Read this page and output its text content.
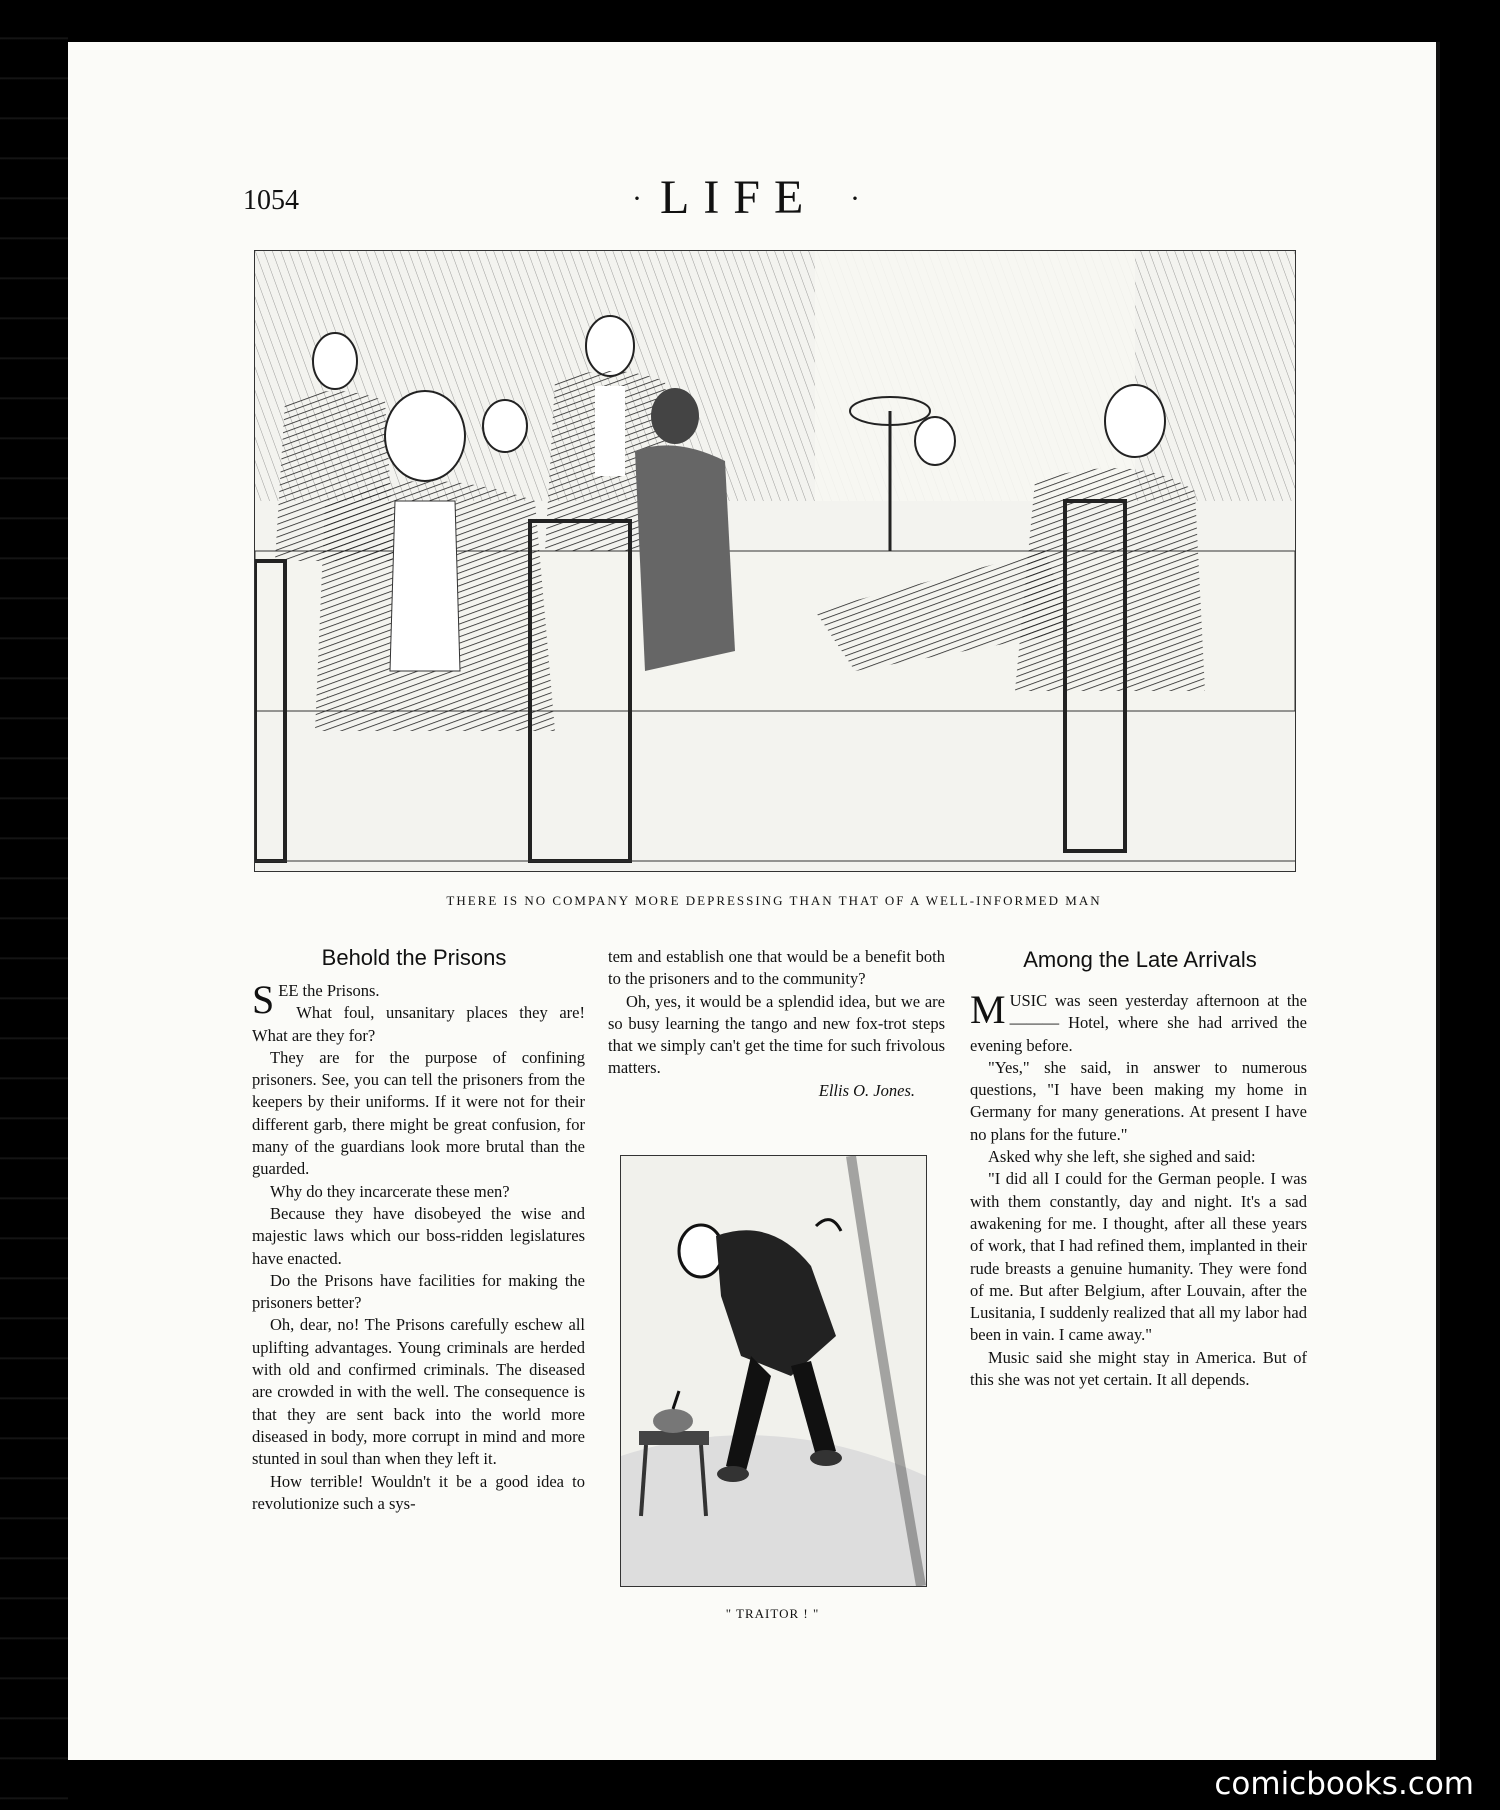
1054	· LIFE ·
THERE IS NO COMPANY MORE DEPRESSING THAN THAT OF A WELL-INFORMED MAN
Behold the Prisons

SEE the Prisons.

What foul, unsanitary places they are! What are they for?

They are for the purpose of confining prisoners. See, you can tell the prisoners from the keepers by their uniforms. If it were not for their different garb, there might be great confusion, for many of the guardians look more brutal than the guarded.

Why do they incarcerate these men?

Because they have disobeyed the wise and majestic laws which our boss-ridden legislatures have enacted.

Do the Prisons have facilities for making the prisoners better?

Oh, dear, no! The Prisons carefully eschew all uplifting advantages. Young criminals are herded with old and confirmed criminals. The diseased are crowded in with the well. The consequence is that they are sent back into the world more diseased in body, more corrupt in mind and more stunted in soul than when they left it.

How terrible! Wouldn't it be a good idea to revolutionize such a sys-

tem and establish one that would be a benefit both to the prisoners and to the community?

Oh, yes, it would be a splendid idea, but we are so busy learning the tango and new fox-trot steps that we simply can't get the time for such frivolous matters.

Ellis O. Jones.

" TRAITOR ! "
Among the Late Arrivals

MUSIC was seen yesterday afternoon at the ——— Hotel, where she had arrived the evening before.

"Yes," she said, in answer to numerous questions, "I have been making my home in Germany for many generations. At present I have no plans for the future."

Asked why she left, she sighed and said:

"I did all I could for the German people. I was with them constantly, day and night. It's a sad awakening for me. I thought, after all these years of work, that I had refined them, implanted in their rude breasts a genuine humanity. They were fond of me. But after Belgium, after Louvain, after the Lusitania, I suddenly realized that all my labor had been in vain. I came away."

Music said she might stay in America. But of this she was not yet certain. It all depends.

comicbooks.com
